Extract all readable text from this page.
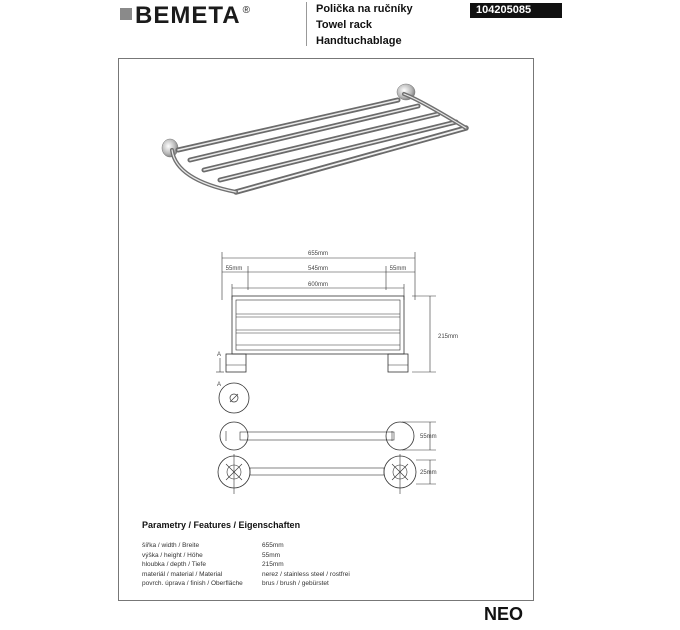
BEMETA ®	Polička na ručníky
Towel rack
Handtuchablage
104205085
655mm
55mm	545mm	55mm
600mm
215mm
A
A
55mm
25mm
Parametry / Features / Eigenschaften
šířka / width / Breite	655mm
výška / height / Höhe	55mm
hloubka / depth / Tiefe	215mm
materiál / material / Material	nerez / stainless steel / rostfrei
povrch. úprava / finish / Oberfläche	brus / brush / gebürstet
NEO
